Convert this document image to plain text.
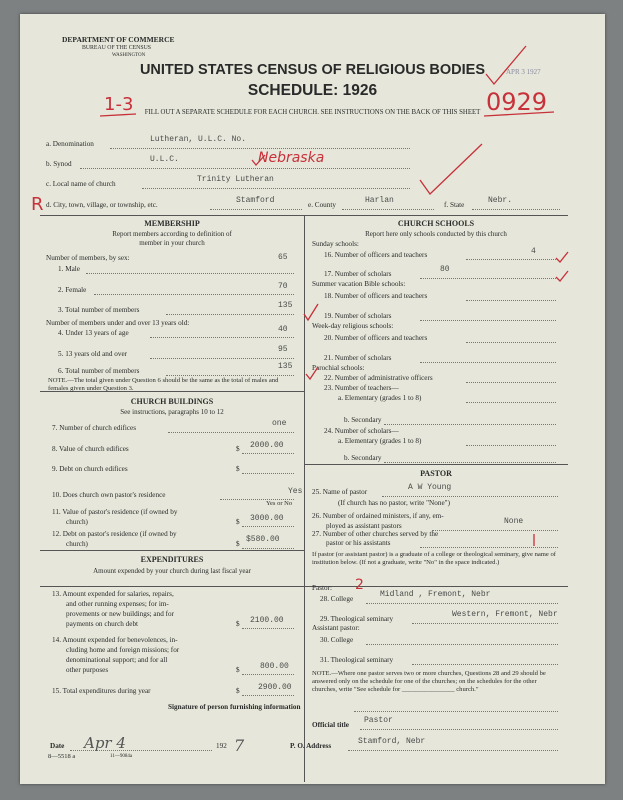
DEPARTMENT OF COMMERCE
BUREAU OF THE CENSUS
WASHINGTON
UNITED STATES CENSUS OF RELIGIOUS BODIES
SCHEDULE: 1926
FILL OUT A SEPARATE SCHEDULE FOR EACH CHURCH. SEE INSTRUCTIONS ON THE BACK OF THIS SHEET
APR 3 1927
1-3	0929
R
a. Denomination	Lutheran, U.L.C. No.
b. Synod	U.L.C.	Nebraska
c. Local name of church	Trinity Lutheran
d. City, town, village, or township, etc.	Stamford	e. County	Harlan	f. State	Nebr.
MEMBERSHIP
Report members according to definition of
member in your church
Number of members, by sex:
1. Male
65
2. Female	70
3. Total number of members	135
Number of members under and over 13 years old:
4. Under 13 years of age	40
5. 13 years old and over	95
6. Total number of members	135
NOTE.—The total given under Question 6 should be the same as the total of males and females given under Question 3.
CHURCH BUILDINGS
See instructions, paragraphs 10 to 12
7. Number of church edifices	one
8. Value of church edifices	$ 2000.00
9. Debt on church edifices	$
10. Does church own pastor's residence	Yes
Yes or No
11. Value of pastor's residence (if owned by
church)	$ 3000.00
12. Debt on pastor's residence (if owned by
church)	$ $580.00
EXPENDITURES
Amount expended by your church during last fiscal year
13. Amount expended for salaries, repairs,
and other running expenses; for im-
provements or new buildings; and for
payments on church debt	$ 2100.00
14. Amount expended for benevolences, in-
cluding home and foreign missions; for
denominational support; and for all
other purposes	$	800.00
15. Total expenditures during year	$ 2900.00
CHURCH SCHOOLS
Report here only schools conducted by this church
Sunday schools:
16. Number of officers and teachers	4
17. Number of scholars	80
Summer vacation Bible schools:
18. Number of officers and teachers
19. Number of scholars
Week-day religious schools:
20. Number of officers and teachers
21. Number of scholars
Parochial schools:
22. Number of administrative officers
23. Number of teachers—
a. Elementary (grades 1 to 8)
b. Secondary
24. Number of scholars—
a. Elementary (grades 1 to 8)
b. Secondary
PASTOR
25. Name of pastor	A W Young
(If church has no pastor, write "None")
26. Number of ordained ministers, if any, em-
ployed as assistant pastors	None
27. Number of other churches served by the
pastor or his assistants
If pastor (or assistant pastor) is a graduate of a college or theological seminary, give name of institution below. (If not a graduate, write "No" in the space indicated.)
Pastor: 2
28. College	Midland , Fremont, Nebr
29. Theological seminary	Western, Fremont, Nebr
Assistant pastor:
30. College
31. Theological seminary
NOTE.—Where one pastor serves two or more churches, Questions 28 and 29 should be answered only on the schedule for one of the churches; on the schedules for the other churches, write "See schedule for ________________ church."
Signature of person furnishing information
Official title Pastor
Date Apr 4	192 7	P. O. Address	Stamford, Nebr
8—5518 a	11—9084a
